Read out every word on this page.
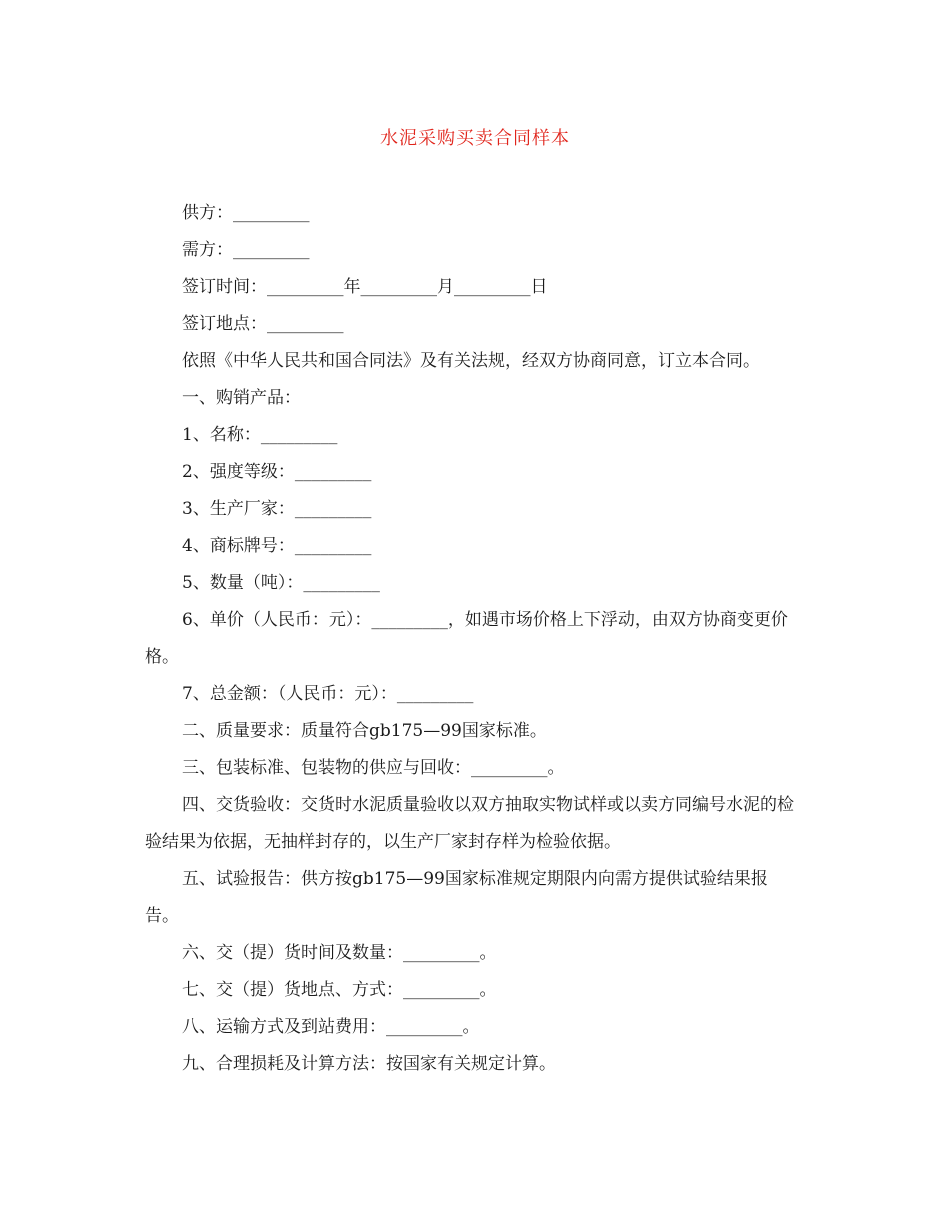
水泥采购买卖合同样本

供方：_________

需方：_________

签订时间：_________年_________月_________日

签订地点：_________

依照《中华人民共和国合同法》及有关法规，经双方协商同意，订立本合同。

一、购销产品：

1、名称：_________

2、强度等级：_________

3、生产厂家：_________

4、商标牌号：_________

5、数量（吨）：_________

6、单价（人民币：元）：_________，如遇市场价格上下浮动，由双方协商变更价格。

7、总金额：（人民币：元）：_________

二、质量要求：质量符合gb175—99国家标准。

三、包装标准、包装物的供应与回收：_________。

四、交货验收：交货时水泥质量验收以双方抽取实物试样或以卖方同编号水泥的检验结果为依据，无抽样封存的，以生产厂家封存样为检验依据。

五、试验报告：供方按gb175—99国家标准规定期限内向需方提供试验结果报告。

六、交（提）货时间及数量：_________。

七、交（提）货地点、方式：_________。

八、运输方式及到站费用：_________。

九、合理损耗及计算方法：按国家有关规定计算。
